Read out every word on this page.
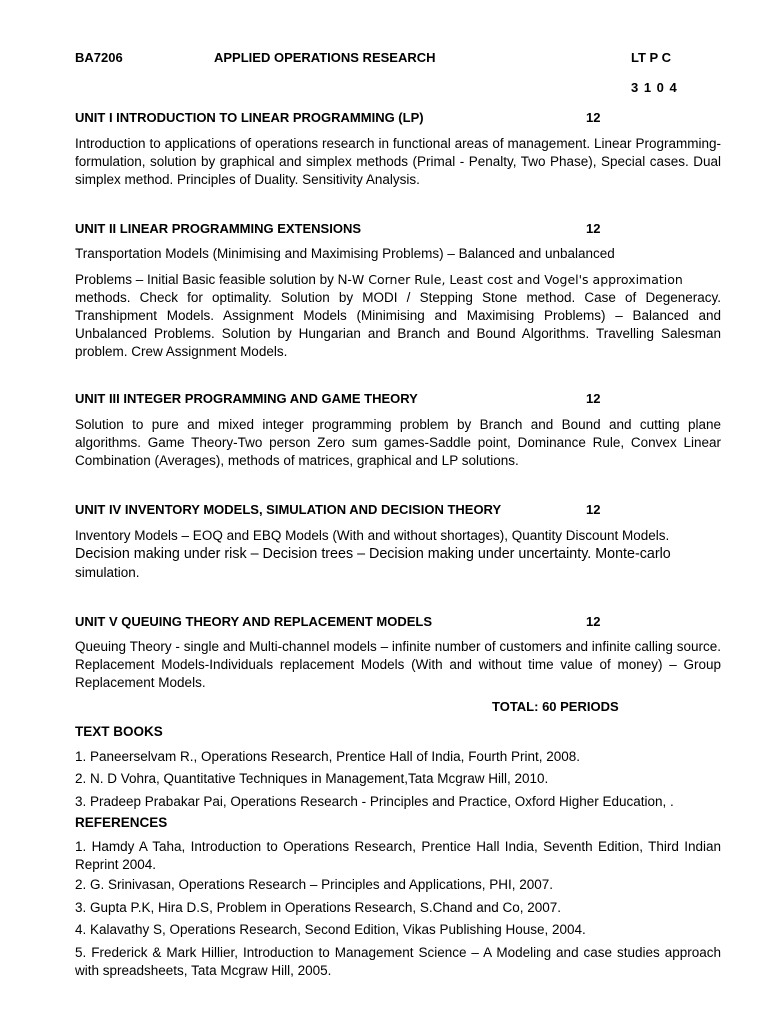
BA7206	APPLIED OPERATIONS RESEARCH	LT P C
3 1 0 4
UNIT I INTRODUCTION TO LINEAR PROGRAMMING (LP)	12
Introduction to applications of operations research in functional areas of management. Linear Programming-formulation, solution by graphical and simplex methods (Primal - Penalty, Two Phase), Special cases. Dual simplex method. Principles of Duality. Sensitivity Analysis.
UNIT II LINEAR PROGRAMMING EXTENSIONS	12
Transportation Models (Minimising and Maximising Problems) – Balanced and unbalanced
Problems – Initial Basic feasible solution by N-W Corner Rule, Least cost and Vogel's approximation
methods. Check for optimality. Solution by MODI / Stepping Stone method. Case of Degeneracy. Transhipment Models. Assignment Models (Minimising and Maximising Problems) – Balanced and Unbalanced Problems. Solution by Hungarian and Branch and Bound Algorithms. Travelling Salesman problem. Crew Assignment Models.
UNIT III INTEGER PROGRAMMING AND GAME THEORY	12
Solution to pure and mixed integer programming problem by Branch and Bound and cutting plane algorithms. Game Theory-Two person Zero sum games-Saddle point, Dominance Rule, Convex Linear Combination (Averages), methods of matrices, graphical and LP solutions.
UNIT IV INVENTORY MODELS, SIMULATION AND DECISION THEORY	12
Inventory Models – EOQ and EBQ Models (With and without shortages), Quantity Discount Models.
Decision making under risk – Decision trees – Decision making under uncertainty. Monte-carlo
simulation.
UNIT V QUEUING THEORY AND REPLACEMENT MODELS	12
Queuing Theory - single and Multi-channel models – infinite number of customers and infinite calling source. Replacement Models-Individuals replacement Models (With and without time value of money) – Group Replacement Models.
TOTAL: 60 PERIODS
TEXT BOOKS
1. Paneerselvam R., Operations Research, Prentice Hall of India, Fourth Print, 2008.
2. N. D Vohra, Quantitative Techniques in Management,Tata Mcgraw Hill, 2010.
3. Pradeep Prabakar Pai, Operations Research - Principles and Practice, Oxford Higher Education, .
REFERENCES
1. Hamdy A Taha, Introduction to Operations Research, Prentice Hall India, Seventh Edition, Third Indian Reprint 2004.
2. G. Srinivasan, Operations Research – Principles and Applications, PHI, 2007.
3. Gupta P.K, Hira D.S, Problem in Operations Research, S.Chand and Co, 2007.
4. Kalavathy S, Operations Research, Second Edition, Vikas Publishing House, 2004.
5. Frederick & Mark Hillier, Introduction to Management Science – A Modeling and case studies approach with spreadsheets, Tata Mcgraw Hill, 2005.
